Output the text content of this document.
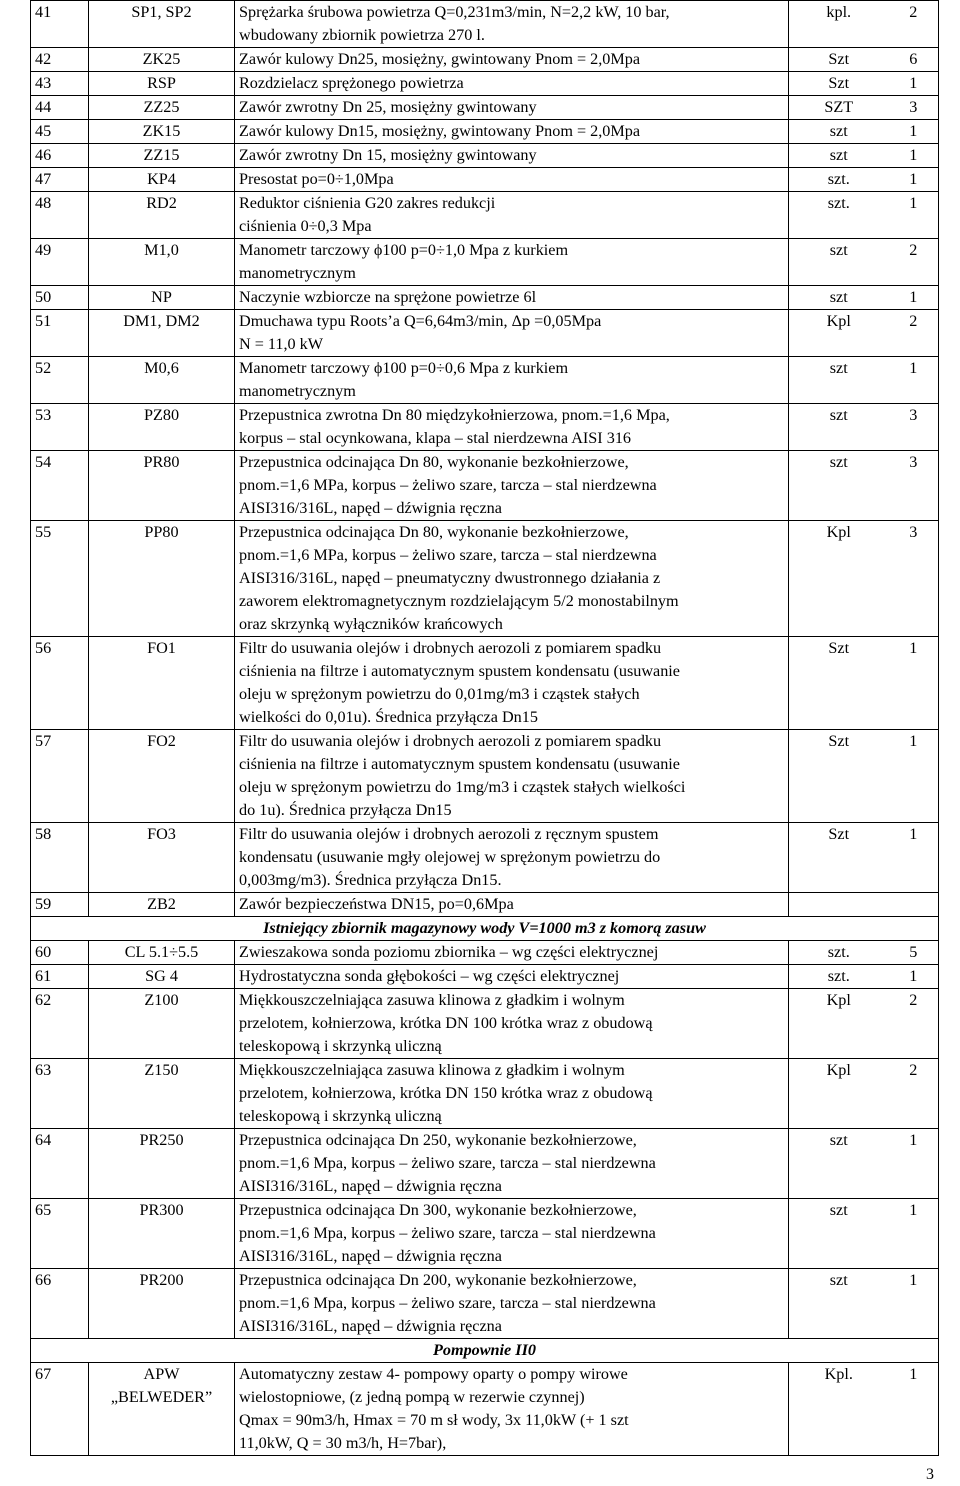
41	SP1, SP2	Sprężarka śrubowa powietrza Q=0,231m3/min, N=2,2 kW, 10 bar,
wbudowany zbiornik powietrza 270 l.	kpl.	2
42	ZK25	Zawór kulowy Dn25, mosiężny, gwintowany Pnom = 2,0Mpa	Szt	6
43	RSP	Rozdzielacz sprężonego powietrza	Szt	1
44	ZZ25	Zawór zwrotny Dn 25, mosiężny gwintowany	SZT	3
45	ZK15	Zawór kulowy Dn15, mosiężny, gwintowany Pnom = 2,0Mpa	szt	1
46	ZZ15	Zawór zwrotny Dn 15, mosiężny gwintowany	szt	1
47	KP4	Presostat po=0÷1,0Mpa	szt.	1
48	RD2	Reduktor ciśnienia G20 zakres redukcji
ciśnienia 0÷0,3 Mpa	szt.	1
49	M1,0	Manometr tarczowy ϕ100 p=0÷1,0 Mpa z kurkiem
manometrycznym	szt	2
50	NP	Naczynie wzbiorcze na sprężone powietrze 6l	szt	1
51	DM1, DM2	Dmuchawa typu Roots’a Q=6,64m3/min, Δp =0,05Mpa
N = 11,0 kW	Kpl	2
52	M0,6	Manometr tarczowy ϕ100 p=0÷0,6 Mpa z kurkiem
manometrycznym	szt	1
53	PZ80	Przepustnica zwrotna Dn 80 międzykołnierzowa, pnom.=1,6 Mpa,
korpus – stal ocynkowana, klapa – stal nierdzewna AISI 316	szt	3
54	PR80	Przepustnica odcinająca Dn 80, wykonanie bezkołnierzowe,
pnom.=1,6 MPa, korpus – żeliwo szare, tarcza – stal nierdzewna
AISI316/316L, napęd – dźwignia ręczna	szt	3
55	PP80	Przepustnica odcinająca Dn 80, wykonanie bezkołnierzowe,
pnom.=1,6 MPa, korpus – żeliwo szare, tarcza – stal nierdzewna
AISI316/316L, napęd – pneumatyczny dwustronnego działania z
zaworem elektromagnetycznym rozdzielającym 5/2 monostabilnym
oraz skrzynką wyłączników krańcowych	Kpl	3
56	FO1	Filtr do usuwania olejów i drobnych aerozoli z pomiarem spadku
ciśnienia na filtrze i automatycznym spustem kondensatu (usuwanie
oleju w sprężonym powietrzu do 0,01mg/m3 i cząstek stałych
wielkości do 0,01u). Średnica przyłącza Dn15	Szt	1
57	FO2	Filtr do usuwania olejów i drobnych aerozoli z pomiarem spadku
ciśnienia na filtrze i automatycznym spustem kondensatu (usuwanie
oleju w sprężonym powietrzu do 1mg/m3 i cząstek stałych wielkości
do 1u). Średnica przyłącza Dn15	Szt	1
58	FO3	Filtr do usuwania olejów i drobnych aerozoli z ręcznym spustem
kondensatu (usuwanie mgły olejowej w sprężonym powietrzu do
0,003mg/m3). Średnica przyłącza Dn15.	Szt	1
59	ZB2	Zawór bezpieczeństwa DN15, po=0,6Mpa		
Istniejący zbiornik magazynowy wody V=1000 m3 z komorą zasuw				
60	CL 5.1÷5.5	Zwieszakowa sonda poziomu zbiornika – wg części elektrycznej	szt.	5
61	SG 4	Hydrostatyczna sonda głębokości – wg części elektrycznej	szt.	1
62	Z100	Miękkouszczelniająca zasuwa klinowa z gładkim i wolnym
przelotem, kołnierzowa, krótka DN 100 krótka wraz z obudową
teleskopową i skrzynką uliczną	Kpl	2
63	Z150	Miękkouszczelniająca zasuwa klinowa z gładkim i wolnym
przelotem, kołnierzowa, krótka DN 150 krótka wraz z obudową
teleskopową i skrzynką uliczną	Kpl	2
64	PR250	Przepustnica odcinająca Dn 250, wykonanie bezkołnierzowe,
pnom.=1,6 Mpa, korpus – żeliwo szare, tarcza – stal nierdzewna
AISI316/316L, napęd – dźwignia ręczna	szt	1
65	PR300	Przepustnica odcinająca Dn 300, wykonanie bezkołnierzowe,
pnom.=1,6 Mpa, korpus – żeliwo szare, tarcza – stal nierdzewna
AISI316/316L, napęd – dźwignia ręczna	szt	1
66	PR200	Przepustnica odcinająca Dn 200, wykonanie bezkołnierzowe,
pnom.=1,6 Mpa, korpus – żeliwo szare, tarcza – stal nierdzewna
AISI316/316L, napęd – dźwignia ręczna	szt	1
Pompownie II0				
67	APW
„BELWEDER”	Automatyczny zestaw 4- pompowy oparty o pompy wirowe
wielostopniowe, (z jedną pompą w rezerwie czynnej)
Qmax = 90m3/h, Hmax = 70 m sł wody, 3x 11,0kW (+ 1 szt
11,0kW, Q = 30 m3/h, H=7bar),	Kpl.	1
3
